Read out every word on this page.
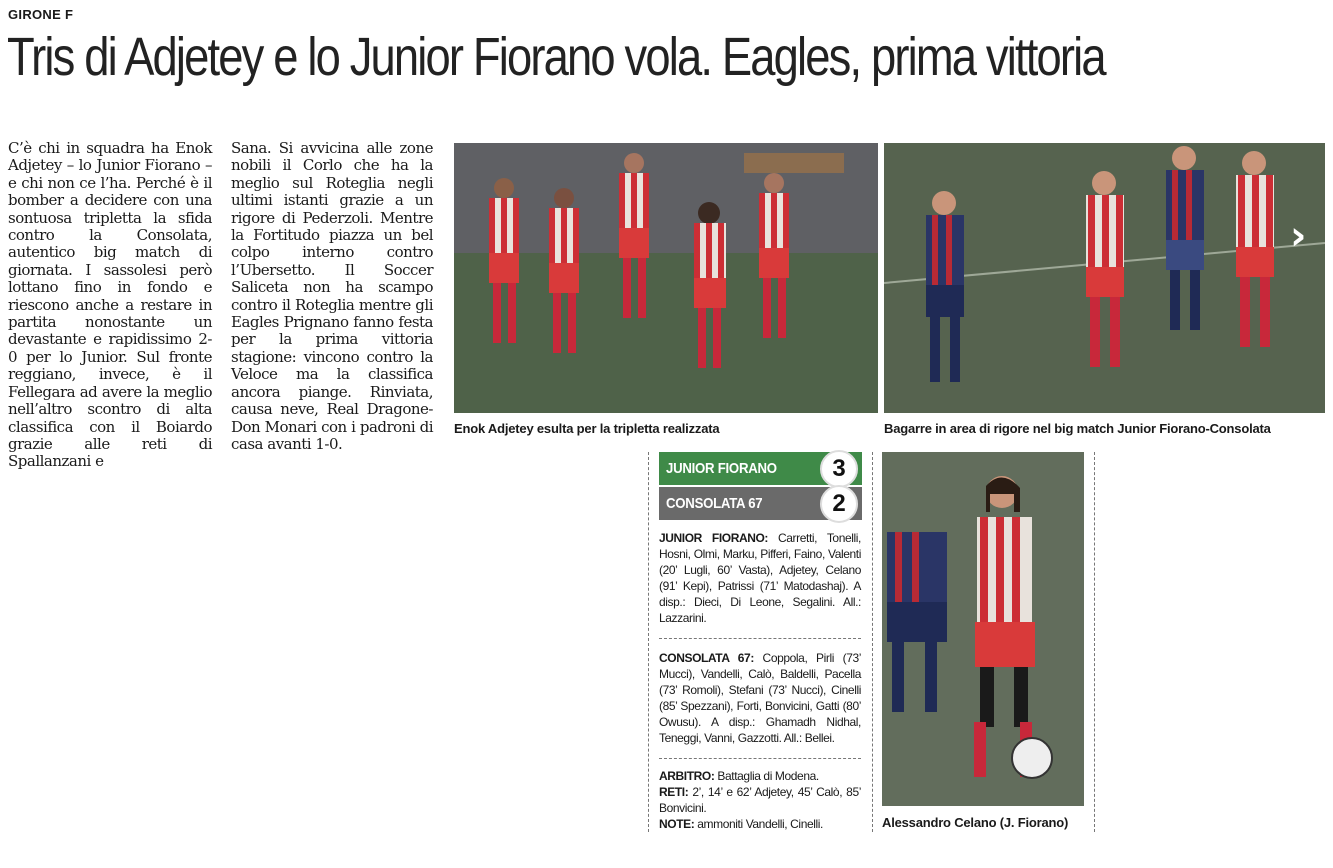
GIRONE F
Tris di Adjetey e lo Junior Fiorano vola. Eagles, prima vittoria
C’è chi in squadra ha Enok Adjetey – lo Junior Fiorano – e chi non ce l’ha. Perché è il bomber a decidere con una sontuosa tripletta la sfida contro la Consolata, autentico big match di giornata. I sassolesi però lottano fino in fondo e riescono anche a restare in partita nonostante un devastante e rapidissimo 2-0 per lo Junior. Sul fronte reggiano, invece, è il Fellegara ad avere la meglio nell’altro scontro di alta classifica con il Boiardo grazie alle reti di Spallanzani e
Sana. Si avvicina alle zone nobili il Corlo che ha la meglio sul Roteglia negli ultimi istanti grazie a un rigore di Pederzoli. Mentre la Fortitudo piazza un bel colpo interno contro l’Ubersetto. Il Soccer Saliceta non ha scampo contro il Roteglia mentre gli Eagles Prignano fanno festa per la prima vittoria stagione: vincono contro la Veloce ma la classifica ancora piange. Rinviata, causa neve, Real Dragone-Don Monari con i padroni di casa avanti 1-0.
Enok Adjetey esulta per la tripletta realizzata
›
Bagarre in area di rigore nel big match Junior Fiorano-Consolata
JUNIOR FIORANO	3
CONSOLATA 67	2
JUNIOR FIORANO: Carretti, Tonelli, Hosni, Olmi, Marku, Pifferi, Faino, Valenti (20’ Lugli, 60’ Vasta), Adjetey, Celano (91’ Kepi), Patrissi (71’ Matodashaj). A disp.: Dieci, Di Leone, Segalini. All.: Lazzarini.
CONSOLATA 67: Coppola, Pirli (73’ Mucci), Vandelli, Calò, Baldelli, Pacella (73’ Romoli), Stefani (73’ Nucci), Cinelli (85’ Spezzani), Forti, Bonvicini, Gatti (80’ Owusu). A disp.: Ghamadh Nidhal, Teneggi, Vanni, Gazzotti. All.: Bellei.
ARBITRO: Battaglia di Modena.
RETI: 2’, 14’ e 62’ Adjetey, 45’ Calò, 85’ Bonvicini.
NOTE: ammoniti Vandelli, Cinelli.	Alessandro Celano (J. Fiorano)
